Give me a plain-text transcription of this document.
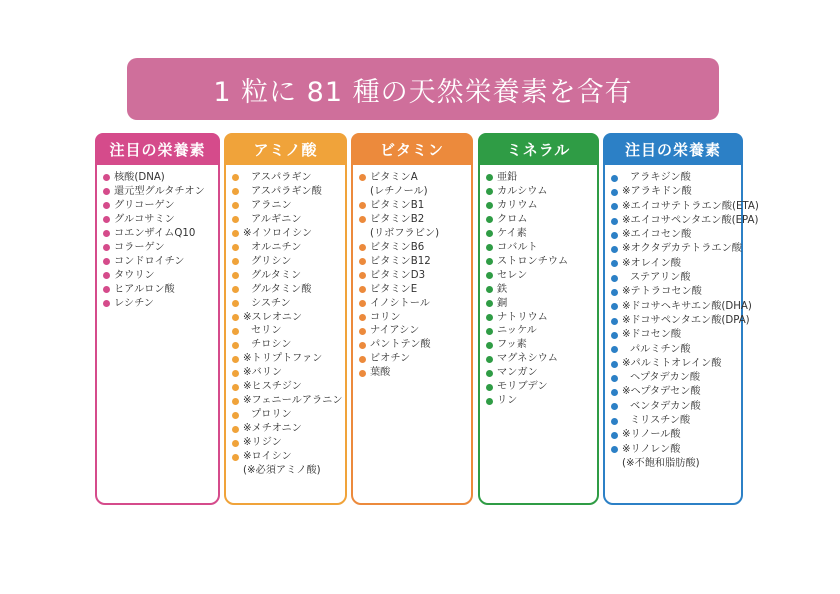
1 粒に 81 種の天然栄養素を含有
注目の栄養素
核酸(DNA)
還元型グルタチオン
グリコーゲン
グルコサミン
コエンザイムQ10
コラーゲン
コンドロイチン
タウリン
ヒアルロン酸
レシチン
アミノ酸
アスパラギン
アスパラギン酸
アラニン
アルギニン
※イソロイシン
オルニチン
グリシン
グルタミン
グルタミン酸
シスチン
※スレオニン
セリン
チロシン
※トリプトファン
※バリン
※ヒスチジン
※フェニールアラニン
プロリン
※メチオニン
※リジン
※ロイシン
(※必須アミノ酸)
ビタミン
ビタミンA
(レチノール)
ビタミンB1
ビタミンB2
(リボフラビン)
ビタミンB6
ビタミンB12
ビタミンD3
ビタミンE
イノシトール
コリン
ナイアシン
パントテン酸
ビオチン
葉酸
ミネラル
亜鉛
カルシウム
カリウム
クロム
ケイ素
コバルト
ストロンチウム
セレン
鉄
銅
ナトリウム
ニッケル
フッ素
マグネシウム
マンガン
モリブデン
リン
注目の栄養素
アラキジン酸
※アラキドン酸
※エイコサテトラエン酸(ETA)
※エイコサペンタエン酸(EPA)
※エイコセン酸
※オクタデカテトラエン酸
※オレイン酸
ステアリン酸
※テトラコセン酸
※ドコサヘキサエン酸(DHA)
※ドコサペンタエン酸(DPA)
※ドコセン酸
パルミチン酸
※パルミトオレイン酸
ヘプタデカン酸
※ヘプタデセン酸
ベンタデカン酸
ミリスチン酸
※リノール酸
※リノレン酸
(※不飽和脂肪酸)
